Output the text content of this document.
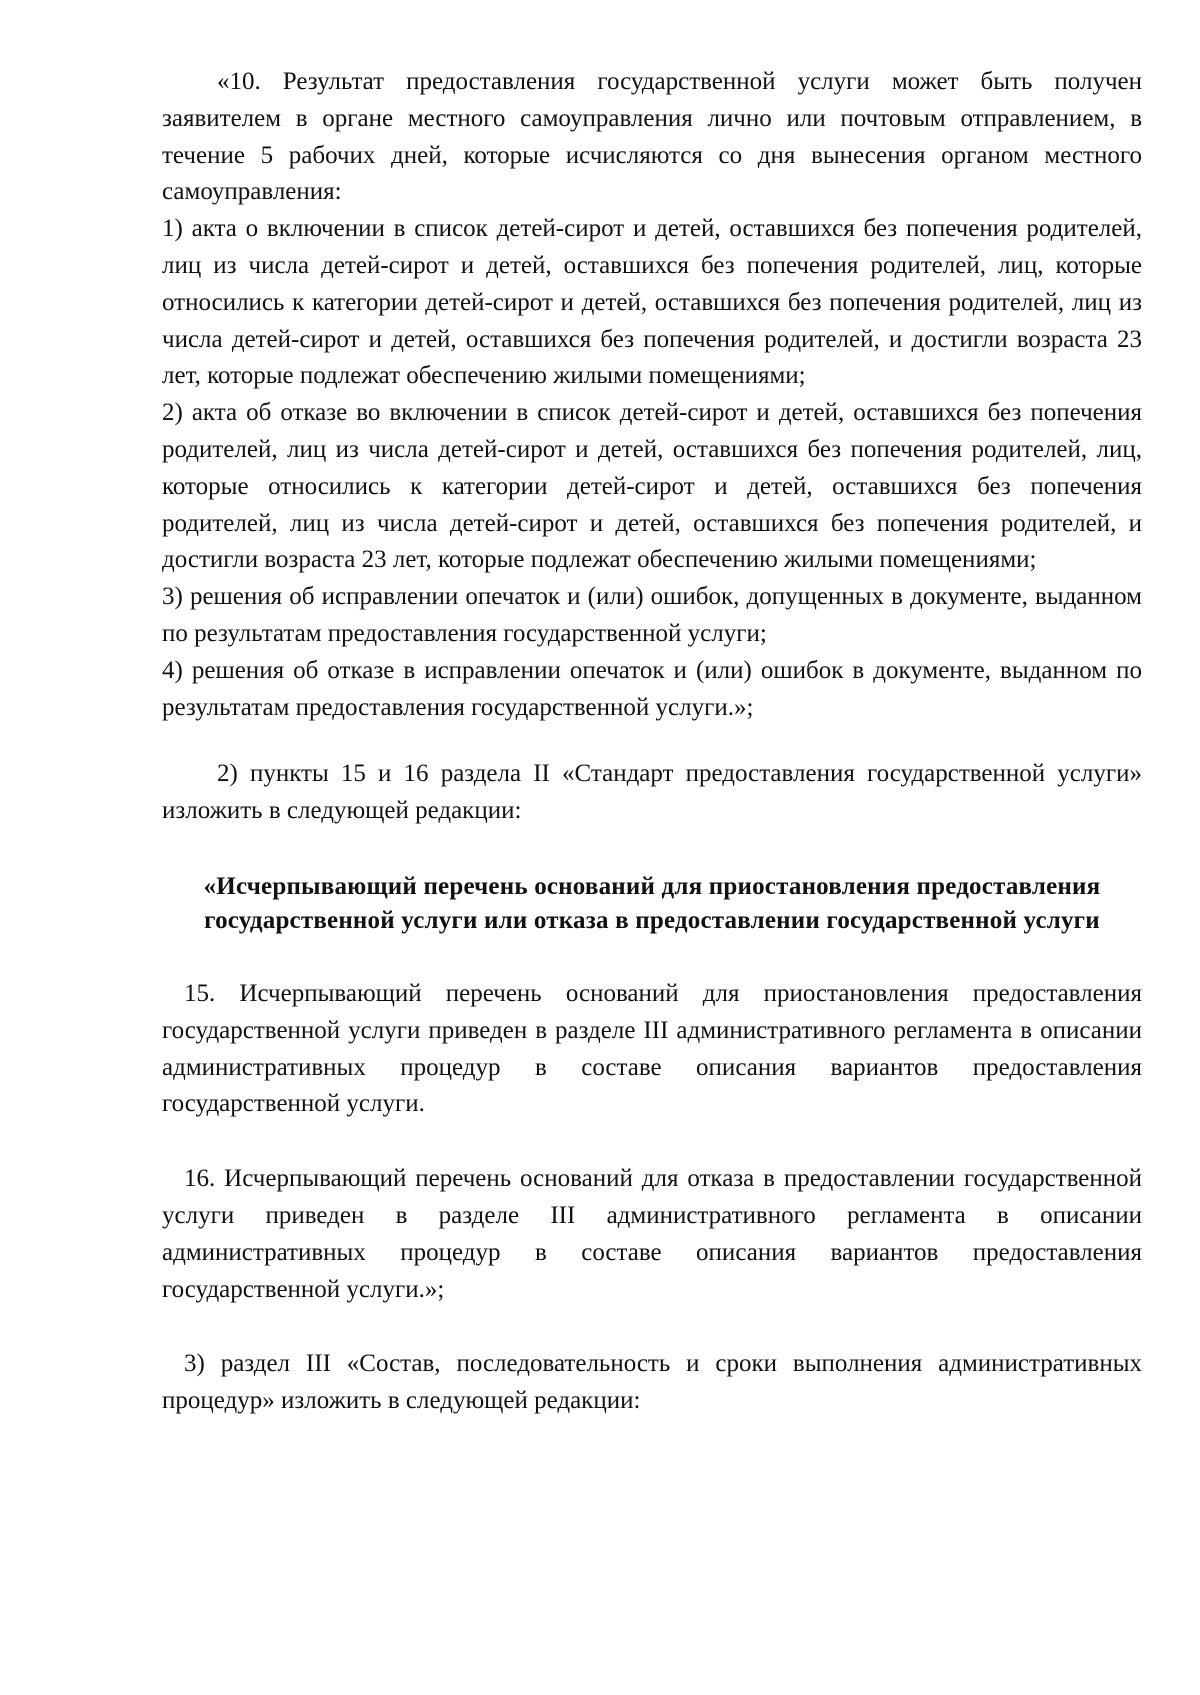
«10. Результат предоставления государственной услуги может быть получен заявителем в органе местного самоуправления лично или почтовым отправлением, в течение 5 рабочих дней, которые исчисляются со дня вынесения органом местного самоуправления:

1) акта о включении в список детей-сирот и детей, оставшихся без попечения родителей, лиц из числа детей-сирот и детей, оставшихся без попечения родителей, лиц, которые относились к категории детей-сирот и детей, оставшихся без попечения родителей, лиц из числа детей-сирот и детей, оставшихся без попечения родителей, и достигли возраста 23 лет, которые подлежат обеспечению жилыми помещениями;

2) акта об отказе во включении в список детей-сирот и детей, оставшихся без попечения родителей, лиц из числа детей-сирот и детей, оставшихся без попечения родителей, лиц, которые относились к категории детей-сирот и детей, оставшихся без попечения родителей, лиц из числа детей-сирот и детей, оставшихся без попечения родителей, и достигли возраста 23 лет, которые подлежат обеспечению жилыми помещениями;

3) решения об исправлении опечаток и (или) ошибок, допущенных в документе, выданном по результатам предоставления государственной услуги;

4) решения об отказе в исправлении опечаток и (или) ошибок в документе, выданном по результатам предоставления государственной услуги.»;

2) пункты 15 и 16 раздела II «Стандарт предоставления государственной услуги» изложить в следующей редакции:

«Исчерпывающий перечень оснований для приостановления предоставления государственной услуги или отказа в предоставлении государственной услуги

15. Исчерпывающий перечень оснований для приостановления предоставления государственной услуги приведен в разделе III административного регламента в описании административных процедур в составе описания вариантов предоставления государственной услуги.

16. Исчерпывающий перечень оснований для отказа в предоставлении государственной услуги приведен в разделе III административного регламента в описании административных процедур в составе описания вариантов предоставления государственной услуги.»;

3) раздел III «Состав, последовательность и сроки выполнения административных процедур» изложить в следующей редакции:
